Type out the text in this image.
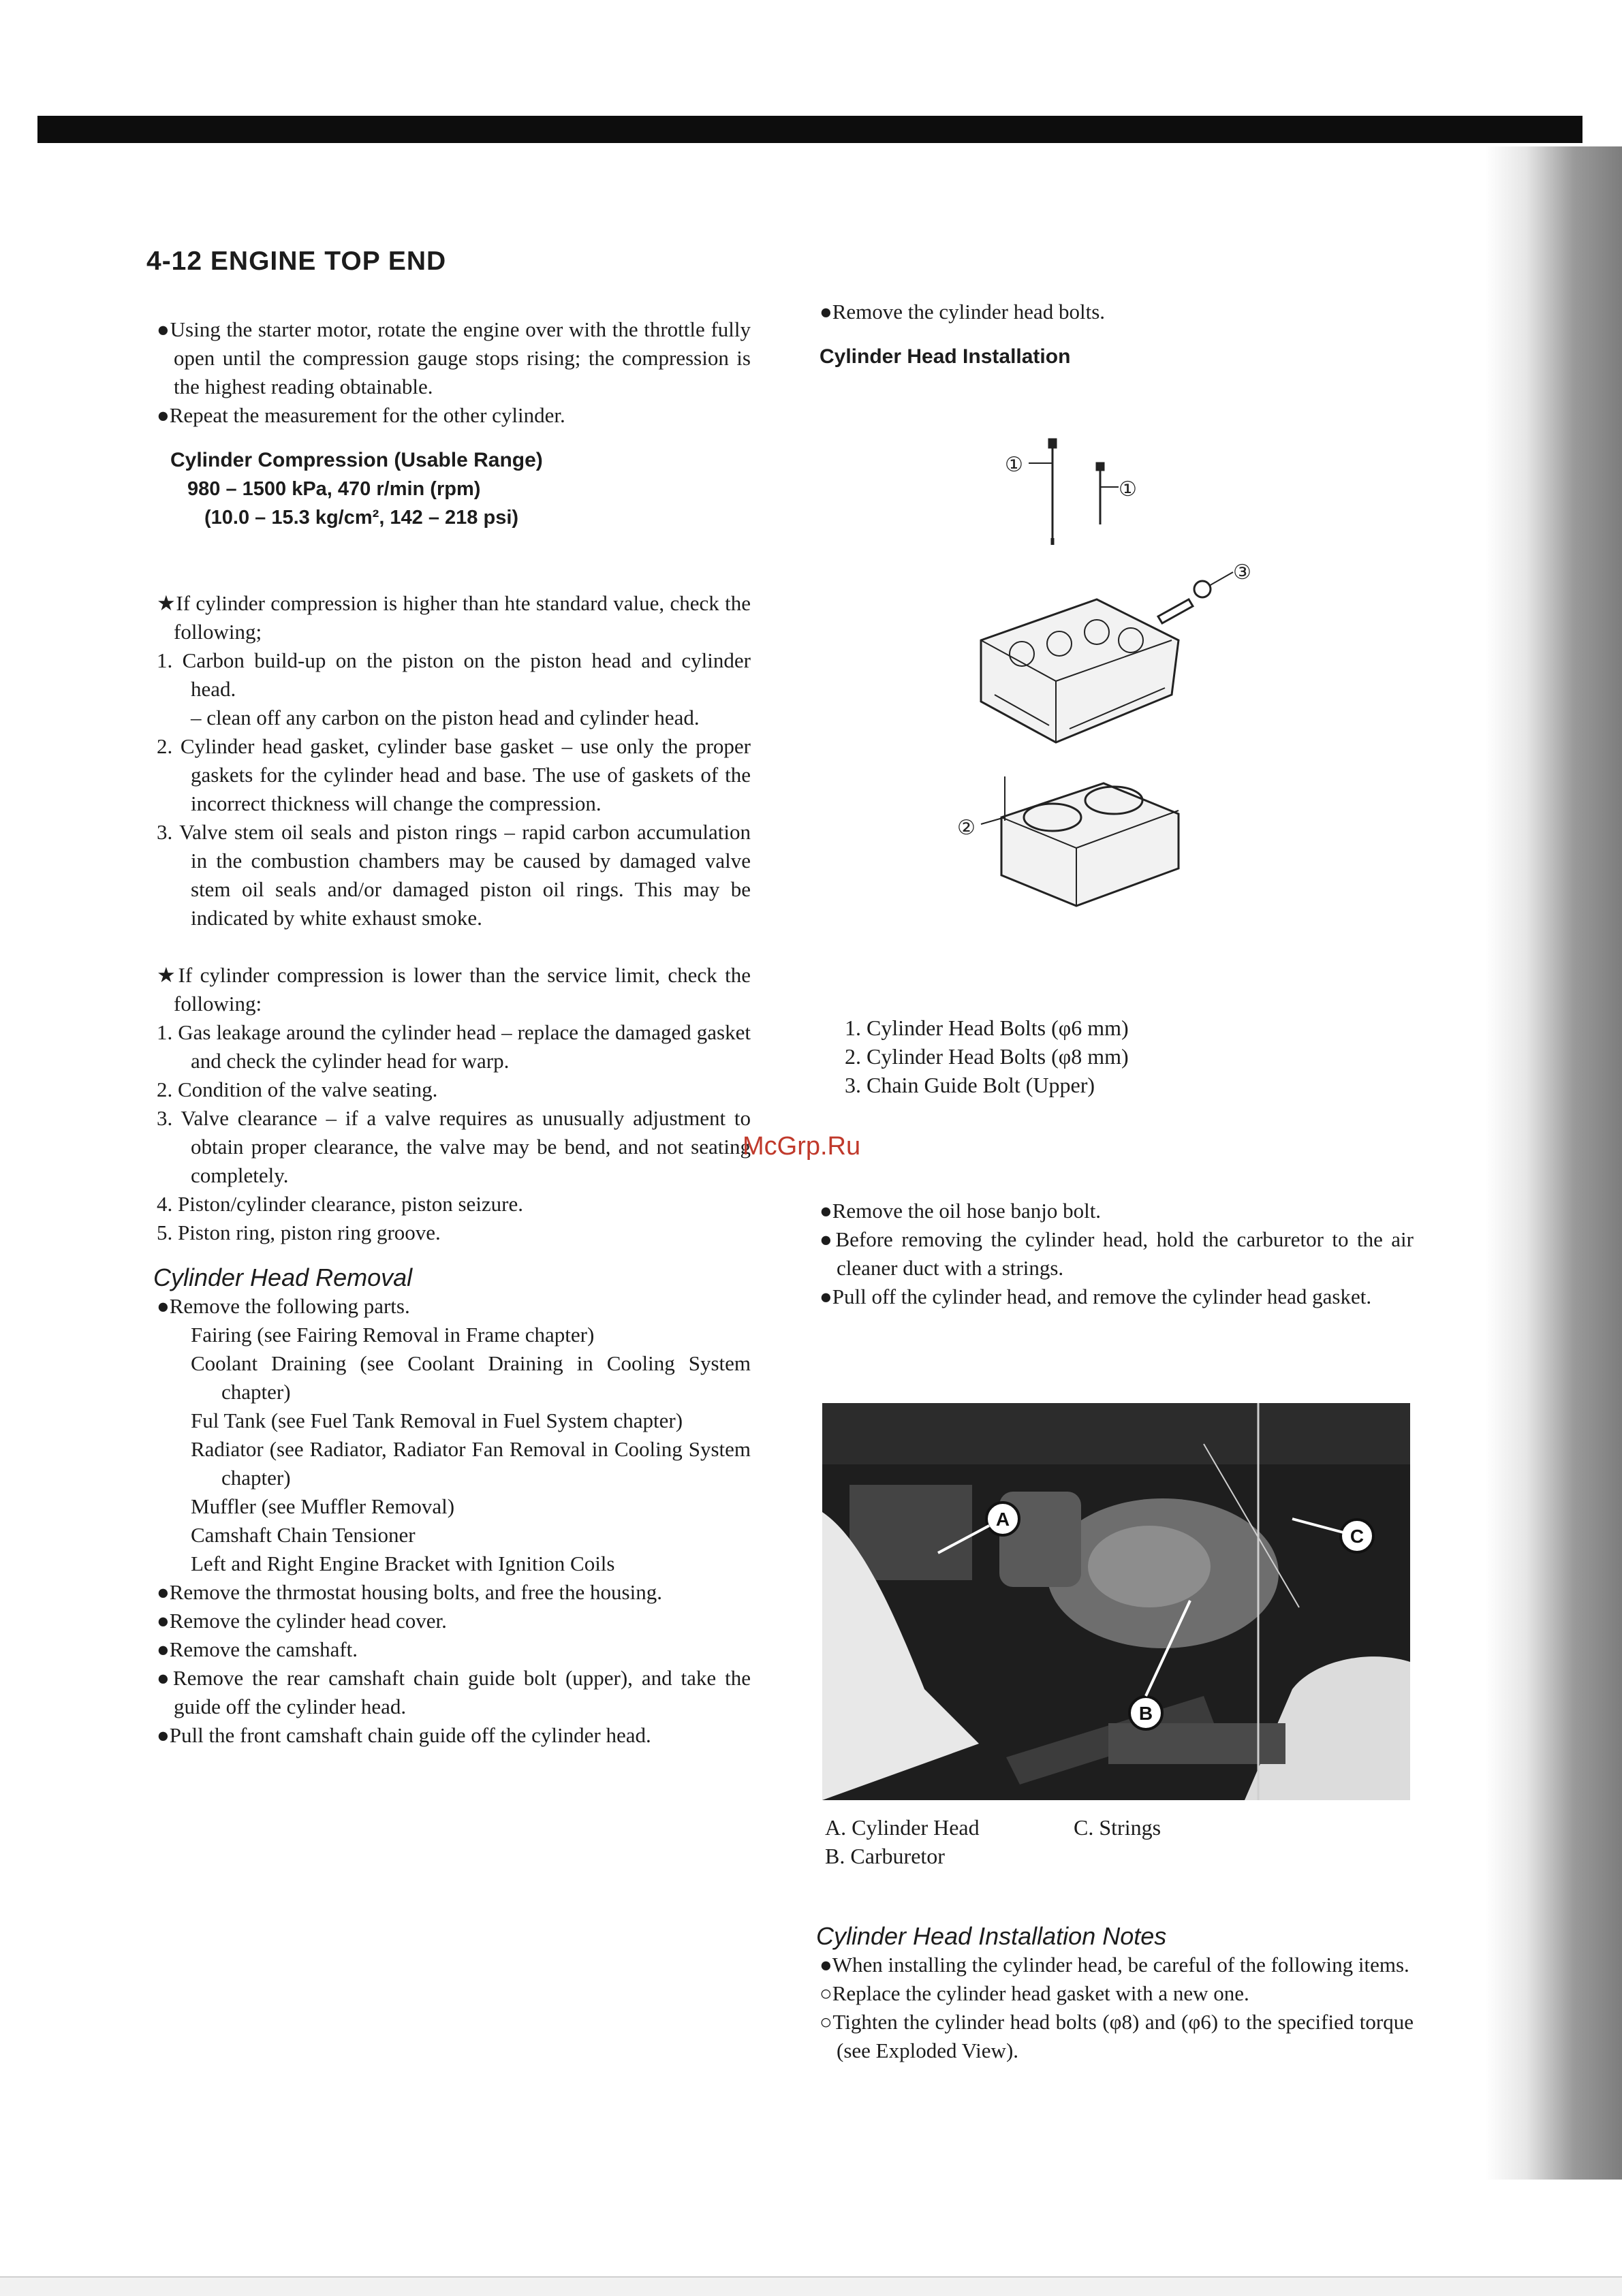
4-12 ENGINE TOP END

●Using the starter motor, rotate the engine over with the throttle fully open until the compression gauge stops rising; the compression is the highest reading obtainable.

●Repeat the measurement for the other cylinder.

Cylinder Compression (Usable Range)

980 – 1500 kPa, 470 r/min (rpm)

(10.0 – 15.3 kg/cm², 142 – 218 psi)

★If cylinder compression is higher than hte standard value, check the following;

1. Carbon build-up on the piston on the piston head and cylinder head.

– clean off any carbon on the piston head and cylinder head.

2. Cylinder head gasket, cylinder base gasket – use only the proper gaskets for the cylinder head and base. The use of gaskets of the incorrect thickness will change the compression.

3. Valve stem oil seals and piston rings – rapid carbon accumulation in the combustion chambers may be caused by damaged valve stem oil seals and/or damaged piston oil rings. This may be indicated by white exhaust smoke.

★If cylinder compression is lower than the service limit, check the following:

1. Gas leakage around the cylinder head – replace the damaged gasket and check the cylinder head for warp.

2. Condition of the valve seating.

3. Valve clearance – if a valve requires as unusually adjustment to obtain proper clearance, the valve may be bend, and not seating completely.

4. Piston/cylinder clearance, piston seizure.

5. Piston ring, piston ring groove.

Cylinder Head Removal

●Remove the following parts.

Fairing (see Fairing Removal in Frame chapter)

Coolant Draining (see Coolant Draining in Cooling System chapter)

Ful Tank (see Fuel Tank Removal in Fuel System chapter)

Radiator (see Radiator, Radiator Fan Removal in Cooling System chapter)

Muffler (see Muffler Removal)

Camshaft Chain Tensioner

Left and Right Engine Bracket with Ignition Coils

●Remove the thrmostat housing bolts, and free the housing.

●Remove the cylinder head cover.

●Remove the camshaft.

●Remove the rear camshaft chain guide bolt (upper), and take the guide off the cylinder head.

●Pull the front camshaft chain guide off the cylinder head.

●Remove the cylinder head bolts.

Cylinder Head Installation

①
①
③
②

1. Cylinder Head Bolts (φ6 mm)

2. Cylinder Head Bolts (φ8 mm)

3. Chain Guide Bolt (Upper)

McGrp.Ru

●Remove the oil hose banjo bolt.

●Before removing the cylinder head, hold the carburetor to the air cleaner duct with a strings.

●Pull off the cylinder head, and remove the cylinder head gasket.

A
B
C
A. Cylinder Head	C. Strings
B. Carburetor

Cylinder Head Installation Notes

●When installing the cylinder head, be careful of the following items.

○Replace the cylinder head gasket with a new one.

○Tighten the cylinder head bolts (φ8) and (φ6) to the specified torque (see Exploded View).
